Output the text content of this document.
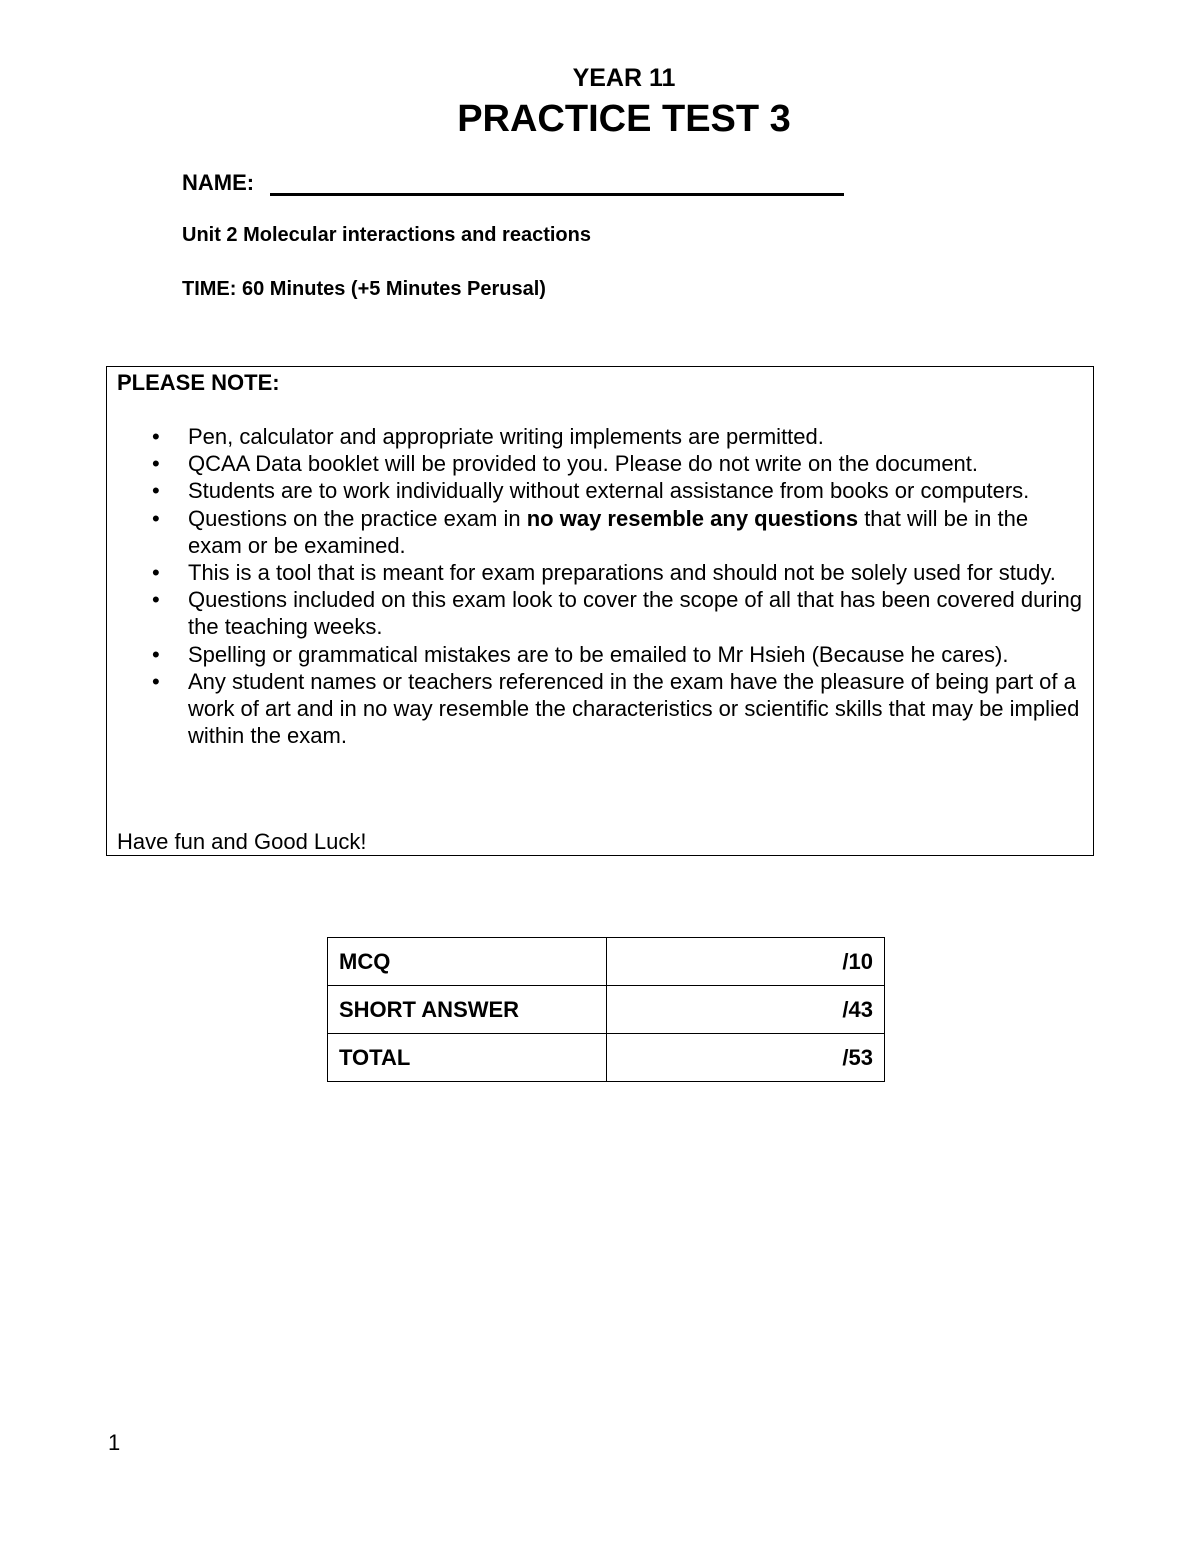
YEAR 11
PRACTICE TEST 3
NAME:
Unit 2 Molecular interactions and reactions
TIME: 60 Minutes (+5 Minutes Perusal)
PLEASE NOTE:
• Pen, calculator and appropriate writing implements are permitted.
• QCAA Data booklet will be provided to you. Please do not write on the document.
• Students are to work individually without external assistance from books or computers.
• Questions on the practice exam in no way resemble any questions that will be in the exam or be examined.
• This is a tool that is meant for exam preparations and should not be solely used for study.
• Questions included on this exam look to cover the scope of all that has been covered during the teaching weeks.
• Spelling or grammatical mistakes are to be emailed to Mr Hsieh (Because he cares).
• Any student names or teachers referenced in the exam have the pleasure of being part of a work of art and in no way resemble the characteristics or scientific skills that may be implied within the exam.
Have fun and Good Luck!
MCQ	/10
SHORT ANSWER	/43
TOTAL	/53
1
